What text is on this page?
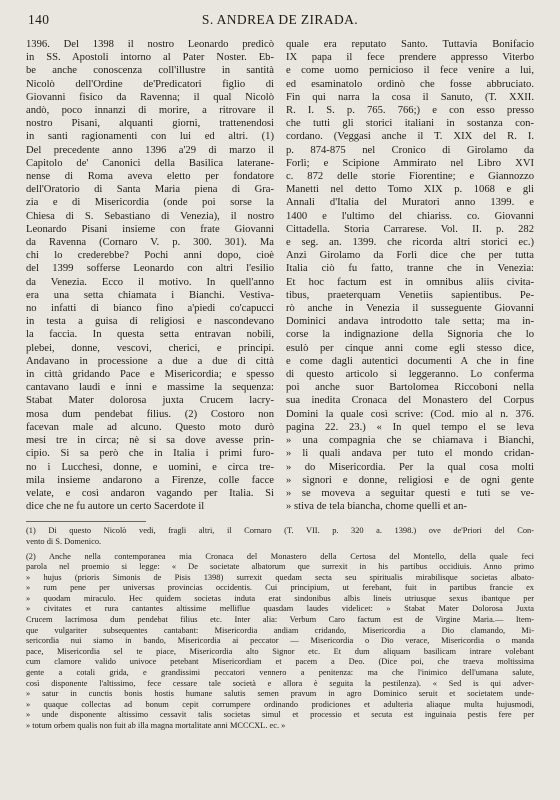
140	S. ANDREA DE ZIRADA.
1396. Del 1398 il nostro Leonardo predicò
in SS. Apostoli intorno al Pater Noster. Eb-
be anche conoscenza coll'illustre in santità
Nicolò dell'Ordine de'Predicatori figlio di
Giovanni fisico da Ravenna; il qual Nicolò
andò, poco innanzi di morire, a ritrovare il
nostro Pisani, alquanti giorni, trattenendosi
in santi ragionamenti con lui ed altri. (1)
Del precedente anno 1396 a'29 di marzo il
Capitolo de' Canonici della Basilica laterane-
nense di Roma aveva eletto per fondatore
dell'Oratorio di Santa Maria piena di Gra-
zia e di Misericordia (onde poi sorse la
Chiesa di S. Sebastiano di Venezia), il nostro
Leonardo Pisani insieme con frate Giovanni
da Ravenna (Cornaro V. p. 300. 301). Ma
chi lo crederebbe? Pochi anni dopo, cioè
del 1399 sofferse Leonardo con altri l'esilio
da Venezia. Ecco il motivo. In quell'anno
era una setta chiamata i Bianchi. Vestiva-
no infatti di bianco fino a'piedi co'capucci
in testa a guisa di religiosi e nascondevano
la faccia. In questa setta entravan nobili,
plebei, donne, vescovi, cherici, e principi.
Andavano in processione a due a due di città
in città gridando Pace e Misericordia; e spesso
cantavano laudi e inni e massime la sequenza:
Stabat Mater dolorosa juxta Crucem lacry-
mosa dum pendebat filius. (2) Costoro non
facevan male ad alcuno. Questo moto durò
mesi tre in circa; nè si sa dove avesse prin-
cipio. Si sa però che in Italia i primi furo-
no i Lucchesi, donne, e uomini, e circa tre-
mila insieme andarono a Firenze, colle facce
velate, e così andaron vagando per Italia. Si
dice che ne fu autore un certo Sacerdote il
quale era reputato Santo. Tuttavia Bonifacio
IX papa il fece prendere appresso Viterbo
e come uomo pernicioso il fece venire a lui,
ed esaminatolo ordinò che fosse abbruciato.
Fin qui narra la cosa il Sanuto, (T. XXII.
R. I. S. p. 765. 766;) e con esso presso
che tutti gli storici italiani in sostanza con-
cordano. (Veggasi anche il T. XIX del R. I.
p. 874-875 nel Cronico di Girolamo da
Forlì; e Scipione Ammirato nel Libro XVI
c. 872 delle storie Fiorentine; e Giannozzo
Manetti nel detto Tomo XIX p. 1068 e gli
Annali d'Italia del Muratori anno 1399. e
1400 e l'ultimo del chiariss. co. Giovanni
Cittadella. Storia Carrarese. Vol. II. p. 282
e seg. an. 1399. che ricorda altri storici ec.)
Anzi Girolamo da Forlì dice che per tutta
Italia ciò fu fatto, tranne che in Venezia:
Et hoc factum est in omnibus aliis civita-
tibus, praeterquam Venetiis sapientibus. Pe-
rò anche in Venezia il susseguente Giovanni
Dominici andava introdotto tale setta; ma in-
corse la indignazione della Signoria che lo
esulò per cinque anni come egli stesso dice,
e come dagli autentici documenti A che in fine
di questo articolo si leggeranno. Lo conferma
poi anche suor Bartolomea Riccoboni nella
sua inedita Cronaca del Monastero del Corpus
Domini la quale così scrive: (Cod. mio al n. 376.
pagina 22. 23.) « In quel tempo el se leva
» una compagnia che se chiamava i Bianchi,
» li quali andava per tuto el mondo cridan-
» do Misericordia. Per la qual cosa molti
» signori e donne, religiosi e de ogni gente
» se moveva a seguitar questi e tuti se ve-
» stiva de tela biancha, chome quelli et an-
(1) Di questo Nicolò vedi, fragli altri, il Cornaro (T. VII. p. 320 a. 1398.) ove de'Priori del Con-
vento di S. Domenico.
(2) Anche nella contemporanea mia Cronaca del Monastero della Certosa del Montello, della quale feci
parola nel proemio si legge: « De societate albatorum que surrexit in his partibus occidiuis. Anno primo
» hujus (prioris Simonis de Pisis 1398) surrexit quedam secta seu spiritualis mirabilisque societas albato-
» rum pene per universas provincias occidentis. Cui principium, ut ferebant, fuit in partibus francie ex
» quodam miraculo. Hec quidem societas induta erat sindonibus albis lineis utriusque sexus ibantque per
» civitates et rura cantantes altissime melliflue quasdam laudes videlicet: » Stabat Mater Dolorosa Juxta
Crucem lacrimosa dum pendebat filius etc. Inter alia: Verbum Caro factum est de Virgine Maria.— Item-
que vulgariter subsequentes cantabant: Misericordia andiam cridando, Misericordia a Dio clamando, Mi-
sericordia nui siamo in bando, Misericordia ai peccator — Misericordia o Dio verace, Misericordia o manda
pace, Misericordia sel te piace, Misericordia alto Signor etc. Et dum aliquam basilicam intrare volebant
cum clamore valido univoce petebant Misericordiam et pacem a Deo. (Dice poi, che traeva moltissima
gente a cotali grida, e grandissimi peccatori vennero a penitenza: ma che l'inimico dell'umana salute,
così disponente l'altissimo, fece cessare tale società e allora è seguita la pestilenza). « Sed is qui adver-
» satur in cunctis bonis hostis humane salutis semen pravum in agro Dominico seruit et societatem unde-
» quaque collectas ad bonum cepit corrumpere ordinando prodiciones et adulteria aliaque multa hujusmodi,
» unde disponente altissimo cessavit talis societas simul et processio et secuta est inguinaia pestis fere per
» totum orbem qualis non fuit ab illa magna mortalitate anni MCCCXL. ec. »
